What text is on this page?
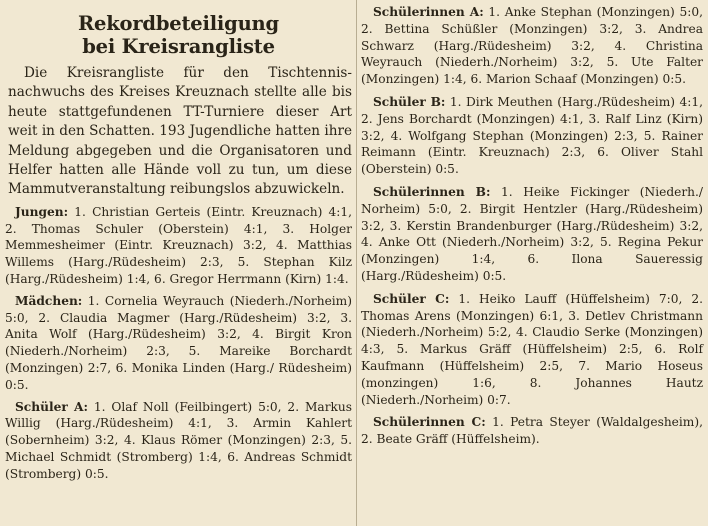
Rekordbeteiligung
bei Kreisrangliste

Die Kreisrangliste für den Tischtennisnachwuchs des Kreises Kreuznach stellte alle bis heute stattgefundenen TT-Turniere dieser Art weit in den Schatten. 193 Jugendliche hatten ihre Meldung abgegeben und die Organisatoren und Helfer hatten alle Hände voll zu tun, um diese Mammutveranstaltung reibungslos abzuwickeln.

Jungen: 1. Christian Gerteis (Eintr. Kreuznach) 4:1, 2. Thomas Schuler (Oberstein) 4:1, 3. Holger Memmesheimer (Eintr. Kreuznach) 3:2, 4. Matthias Willems (Harg./Rüdesheim) 2:3, 5. Stephan Kilz (Harg./Rüdesheim) 1:4, 6. Gregor Herrmann (Kirn) 1:4.

Mädchen: 1. Cornelia Weyrauch (Niederh./Norheim) 5:0, 2. Claudia Magmer (Harg./Rüdesheim) 3:2, 3. Anita Wolf (Harg./Rüdesheim) 3:2, 4. Birgit Kron (Niederh./Norheim) 2:3, 5. Mareike Borchardt (Monzingen) 2:7, 6. Monika Linden (Harg./ Rüdesheim) 0:5.

Schüler A: 1. Olaf Noll (Feilbingert) 5:0, 2. Markus Willig (Harg./Rüdesheim) 4:1, 3. Armin Kahlert (Sobernheim) 3:2, 4. Klaus Römer (Monzingen) 2:3, 5. Michael Schmidt (Stromberg) 1:4, 6. Andreas Schmidt (Stromberg) 0:5.

Schülerinnen A: 1. Anke Stephan (Monzingen) 5:0, 2. Bettina Schüßler (Monzingen) 3:2, 3. Andrea Schwarz (Harg./Rüdesheim) 3:2, 4. Christina Weyrauch (Niederh./Norheim) 3:2, 5. Ute Falter (Monzingen) 1:4, 6. Marion Schaaf (Monzingen) 0:5.

Schüler B: 1. Dirk Meuthen (Harg./Rüdesheim) 4:1, 2. Jens Borchardt (Monzingen) 4:1, 3. Ralf Linz (Kirn) 3:2, 4. Wolfgang Stephan (Monzingen) 2:3, 5. Rainer Reimann (Eintr. Kreuznach) 2:3, 6. Oliver Stahl (Oberstein) 0:5.

Schülerinnen B: 1. Heike Fickinger (Niederh./ Norheim) 5:0, 2. Birgit Hentzler (Harg./Rüdesheim) 3:2, 3. Kerstin Brandenburger (Harg./Rüdesheim) 3:2, 4. Anke Ott (Niederh./Norheim) 3:2, 5. Regina Pekur (Monzingen) 1:4, 6. Ilona Saueressig (Harg./Rüdesheim) 0:5.

Schüler C: 1. Heiko Lauff (Hüffelsheim) 7:0, 2. Thomas Arens (Monzingen) 6:1, 3. Detlev Christmann (Niederh./Norheim) 5:2, 4. Claudio Serke (Monzingen) 4:3, 5. Markus Gräff (Hüffelsheim) 2:5, 6. Rolf Kaufmann (Hüffelsheim) 2:5, 7. Mario Hoseus (monzingen) 1:6, 8. Johannes Hautz (Niederh./Norheim) 0:7.

Schülerinnen C: 1. Petra Steyer (Waldalgesheim), 2. Beate Gräff (Hüffelsheim).
